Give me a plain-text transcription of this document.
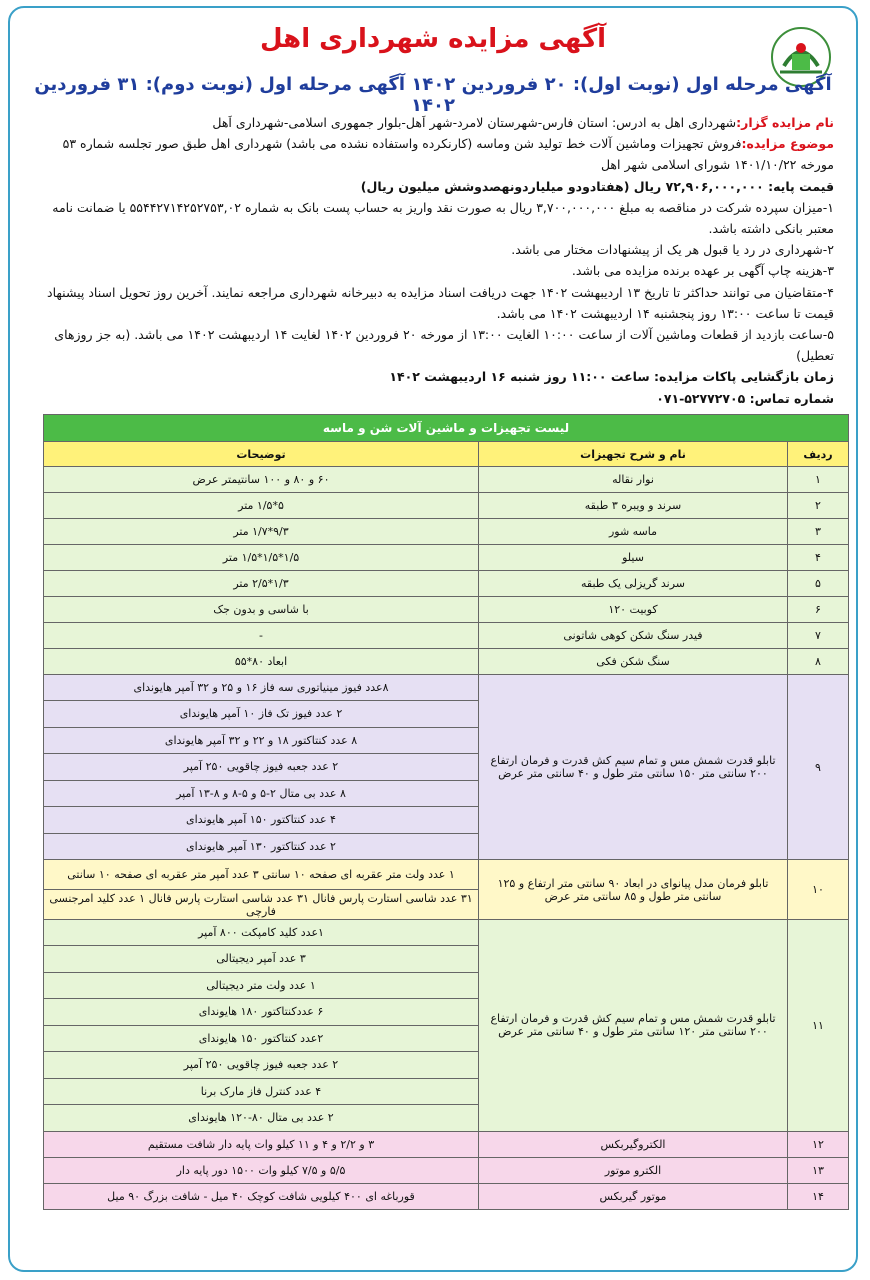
آگهی مزایده شهرداری اهل
آگهی مرحله اول (نوبت اول): ۲۰ فروردین ۱۴۰۲ آگهی مرحله اول (نوبت دوم): ۳۱ فروردین ۱۴۰۲

نام مزایده گزار:شهرداری اهل به ادرس: استان فارس-شهرستان لامرد-شهر اَهل-بلوار جمهوری اسلامی-شهرداری اَهل

موضوع مزایده:فروش تجهیزات وماشین آلات خط تولید شن وماسه (کارنکرده واستفاده نشده می باشد) شهرداری اهل طبق صور تجلسه شماره ۵۳ مورخه ۱۴۰۱/۱۰/۲۲ شورای اسلامی شهر اهل

قیمت پایه: ۷۲,۹۰۶,۰۰۰,۰۰۰ ریال (هفتادودو میلیاردونهصدوشش میلیون ریال)

۱-میزان سپرده شرکت در مناقصه به مبلغ ۳,۷۰۰,۰۰۰,۰۰۰ ریال به صورت نقد واریز به حساب پست بانک به شماره ۵۵۴۴۲۷۱۴۲۵۲۷۵۳,۰۲ یا ضمانت نامه معتبر بانکی داشته باشد.

۲-شهرداری در رد یا قبول هر یک از پیشنهادات مختار می باشد.

۳-هزینه چاپ آگهی بر عهده برنده مزایده می باشد.

۴-متقاضیان می توانند حداکثر تا تاریخ ۱۳ اردیبهشت ۱۴۰۲ جهت دریافت اسناد مزایده به دبیرخانه شهرداری مراجعه نمایند. آخرین روز تحویل اسناد پیشنهاد قیمت تا ساعت ۱۳:۰۰ روز پنجشنبه ۱۴ اردیبهشت ۱۴۰۲ می باشد.

۵-ساعت بازدید از قطعات وماشین آلات از ساعت ۱۰:۰۰ الغایت ۱۳:۰۰ از مورخه ۲۰ فروردین ۱۴۰۲ لغایت ۱۴ اردیبهشت ۱۴۰۲ می باشد. (به جز روزهای تعطیل)

زمان بازگشایی پاکات مزایده: ساعت ۱۱:۰۰ روز شنبه ۱۶ اردیبهشت ۱۴۰۲

شماره تماس: ۵۲۷۷۲۷۰۵-۰۷۱

لیست تجهیزات و ماشین آلات شن و ماسه		
ردیف	نام و شرح تجهیزات	توضیحات
۱	نوار نقاله	۶۰ و ۸۰ و ۱۰۰ سانتیمتر عرض
۲	سرند و ویبره ۳ طبقه	۵*۱/۵ متر
۳	ماسه شور	۹/۳*۱/۷ متر
۴	سیلو	۱/۵*۱/۵*۱/۵ متر
۵	سرند گریزلی یک طبقه	۱/۳*۲/۵ متر
۶	کوبیت ۱۲۰	با شاسی و بدون جک
۷	فیدر سنگ شکن کوهی شاتونی	-
۸	سنگ شکن فکی	ابعاد ۸۰*۵۵
۹	تابلو قدرت شمش مس و تمام سیم کش قدرت و فرمان ارتفاع ۲۰۰ سانتی متر ۱۵۰ سانتی متر طول و ۴۰ سانتی متر عرض	۸عدد فیوز مینیاتوری سه فاز ۱۶ و ۲۵ و ۳۲ آمپر هایوندای
		۲ عدد فیوز تک فاز ۱۰ آمپر هایوندای
		۸ عدد کنتاکتور ۱۸ و ۲۲ و ۳۲ آمپر هایوندای
		۲ عدد جعبه فیوز چاقویی ۲۵۰ آمپر
		۸ عدد بی متال ۲-۵ و ۵-۸ و ۸-۱۳ آمپر
		۴ عدد کنتاکتور ۱۵۰ آمپر هایوندای
		۲ عدد کنتاکتور ۱۳۰ آمپر هایوندای
۱۰	تابلو فرمان مدل پیانوای در ابعاد ۹۰ سانتی متر ارتفاع و ۱۲۵ سانتی متر طول و ۸۵ سانتی متر عرض	۱ عدد ولت متر عقربه ای صفحه ۱۰ سانتی ۳ عدد آمپر متر عقربه ای صفحه ۱۰ سانتی
		۳۱ عدد شاسی استارت پارس فانال ۳۱ عدد شاسی استارت پارس فانال ۱ عدد کلید امرجنسی فارچی
۱۱	تابلو قدرت شمش مس و تمام سیم کش قدرت و فرمان ارتفاع ۲۰۰ سانتی متر ۱۲۰ سانتی متر طول و ۴۰ سانتی متر عرض	۱عدد کلید کامپکت ۸۰۰ آمپر
		۳ عدد آمپر دیجیتالی
		۱ عدد ولت متر دیجیتالی
		۶ عددکنتاکتور ۱۸۰ هایوندای
		۲عدد کنتاکتور ۱۵۰ هایوندای
		۲ عدد جعبه فیوز چاقویی ۲۵۰ آمپر
		۴ عدد کنترل فاز مارک برنا
		۲ عدد بی متال ۸۰-۱۲۰ هایوندای
۱۲	الکتروگیربکس	۳ و ۲/۲ و ۴ و ۱۱ کیلو وات پایه دار شافت مستقیم
۱۳	الکترو موتور	۵/۵ و ۷/۵ کیلو وات ۱۵۰۰ دور پایه دار
۱۴	موتور گیربکس	قورباغه ای ۴۰۰ کیلویی شافت کوچک ۴۰ میل - شافت بزرگ ۹۰ میل
